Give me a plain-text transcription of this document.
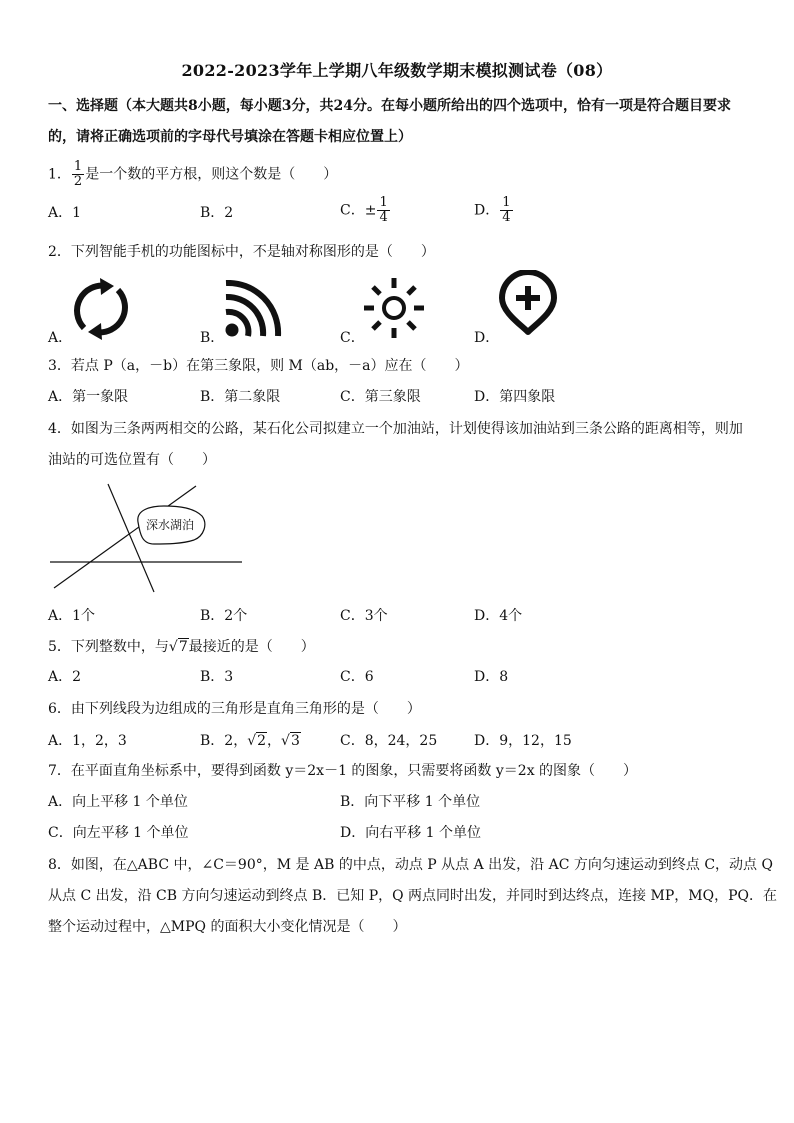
2022-2023学年上学期八年级数学期末模拟测试卷（08）
一、选择题（本大题共8小题，每小题3分，共24分。在每小题所给出的四个选项中，恰有一项是符合题目要求
的，请将正确选项前的字母代号填涂在答题卡相应位置上）
1． $\frac{1}{2}$ 是一个数的平方根，则这个数是（　　）
A．1	B．2	C．± $\frac{1}{4}$	D． $\frac{1}{4}$
2．下列智能手机的功能图标中，不是轴对称图形的是（　　）
A．	B．	C．	D．
3．若点 P（a，－b）在第三象限，则 M（ab，－a）应在（　　）
A．第一象限	B．第二象限	C．第三象限	D．第四象限
4．如图为三条两两相交的公路，某石化公司拟建立一个加油站，计划使得该加油站到三条公路的距离相等，则加
油站的可选位置有（　　）
深水湖泊
A．1个	B．2个	C．3个	D．4个
5．下列整数中，与√7最接近的是（　　）
A．2	B．3	C．6	D．8
6．由下列线段为边组成的三角形是直角三角形的是（　　）
A．1，2，3	B．2，√2，√3	C．8，24，25	D．9，12，15
7．在平面直角坐标系中，要得到函数 y＝2x－1 的图象，只需要将函数 y＝2x 的图象（　　）
A．向上平移 1 个单位	B．向下平移 1 个单位
C．向左平移 1 个单位	D．向右平移 1 个单位
8．如图，在△ABC 中，∠C＝90°，M 是 AB 的中点，动点 P 从点 A 出发，沿 AC 方向匀速运动到终点 C，动点 Q
从点 C 出发，沿 CB 方向匀速运动到终点 B．已知 P，Q 两点同时出发，并同时到达终点，连接 MP，MQ，PQ．在
整个运动过程中，△MPQ 的面积大小变化情况是（　　）
